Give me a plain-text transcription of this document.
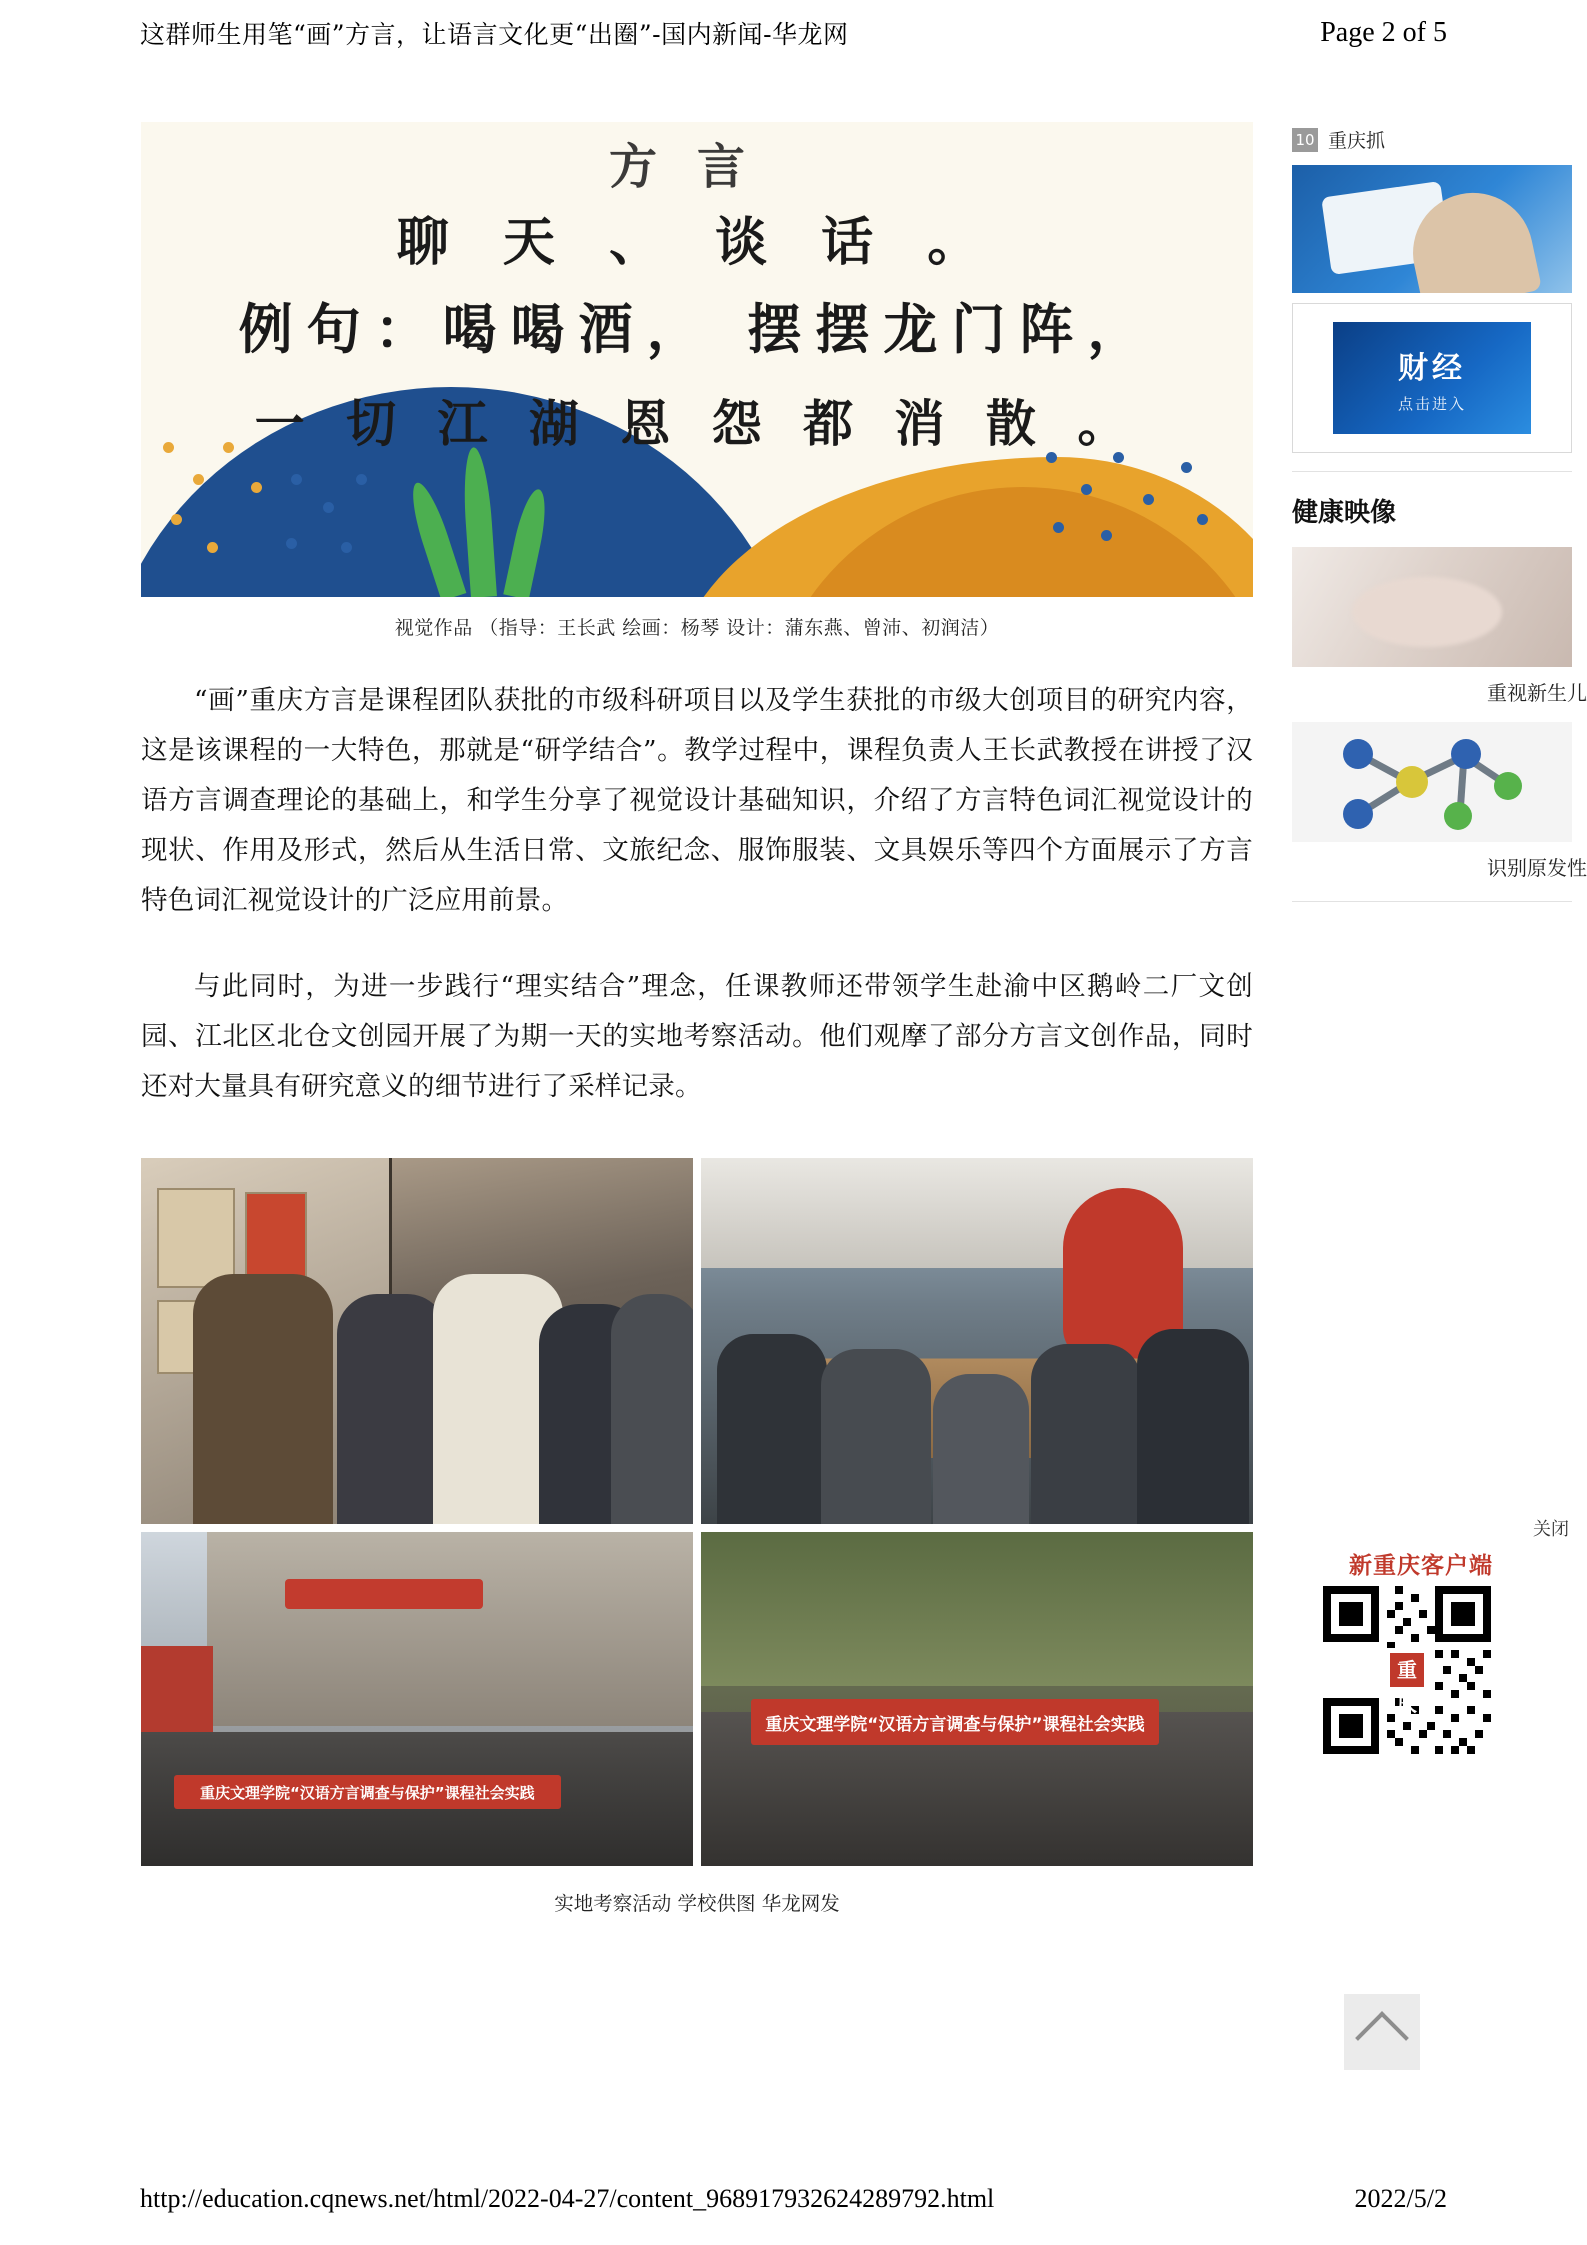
这群师生用笔“画”方言，让语言文化更“出圈”-国内新闻-华龙网	Page 2 of 5
方言
聊 天 、 谈 话 。
例句：喝喝酒， 摆摆龙门阵，
一 切 江 湖 恩 怨 都 消 散 。
视觉作品 （指导：王长武 绘画：杨琴 设计：蒲东燕、曾沛、初润洁）

“画”重庆方言是课程团队获批的市级科研项目以及学生获批的市级大创项目的研究内容，这是该课程的一大特色，那就是“研学结合”。教学过程中，课程负责人王长武教授在讲授了汉语方言调查理论的基础上，和学生分享了视觉设计基础知识，介绍了方言特色词汇视觉设计的现状、作用及形式，然后从生活日常、文旅纪念、服饰服装、文具娱乐等四个方面展示了方言特色词汇视觉设计的广泛应用前景。

与此同时，为进一步践行“理实结合”理念，任课教师还带领学生赴渝中区鹅岭二厂文创园、江北区北仓文创园开展了为期一天的实地考察活动。他们观摩了部分方言文创作品，同时还对大量具有研究意义的细节进行了采样记录。

重庆文理学院“汉语方言调查与保护”课程社会实践
重庆文理学院“汉语方言调查与保护”课程社会实践
实地考察活动 学校供图 华龙网发
10 重庆抓
财经
点击进入
健康映像
重视新生儿
识别原发性
关闭
新重庆客户端
重庆
http://education.cqnews.net/html/2022-04-27/content_968917932624289792.html	2022/5/2
